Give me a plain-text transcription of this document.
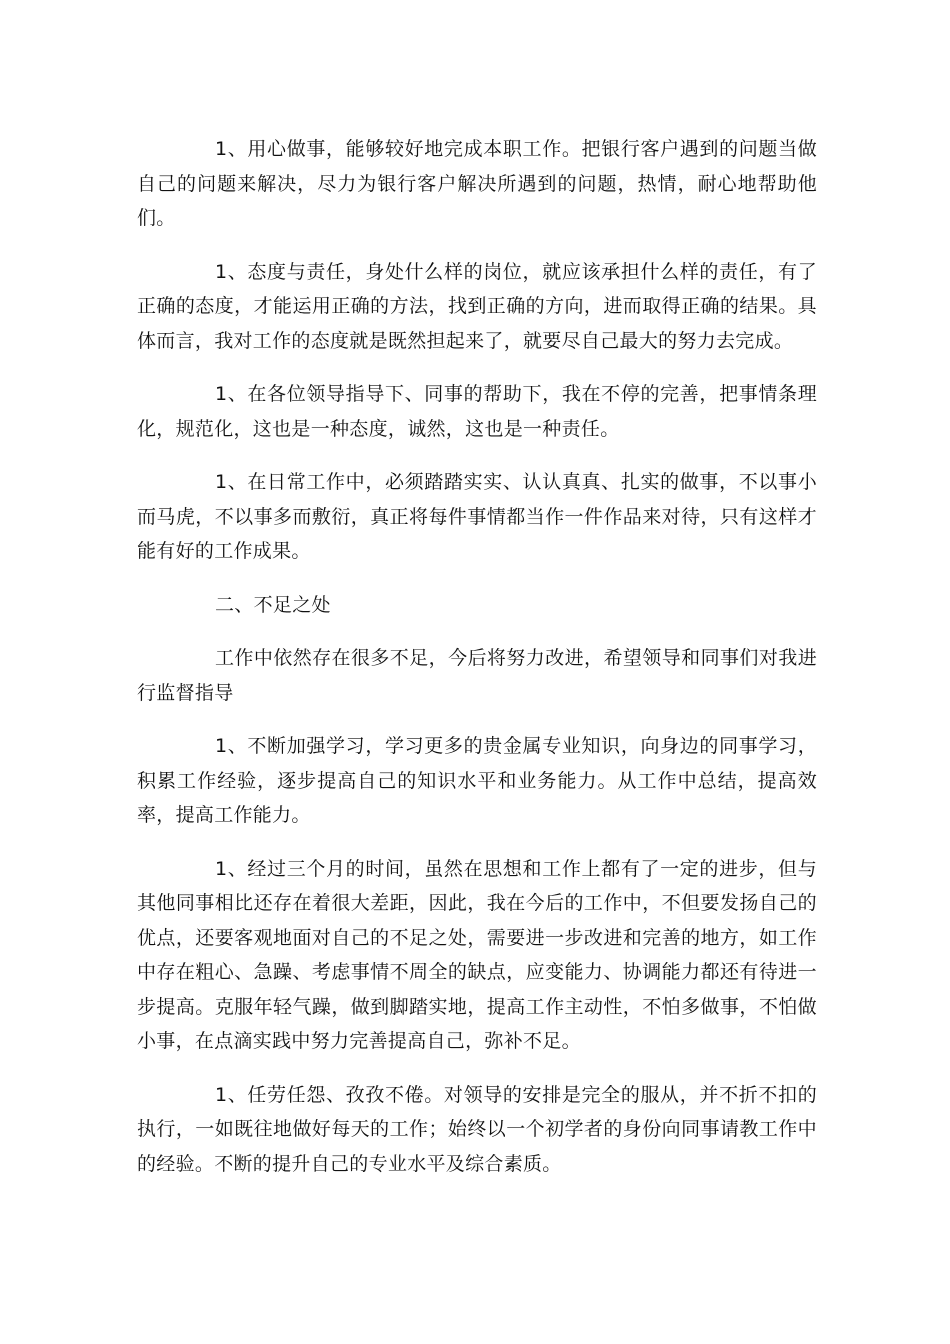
1、用心做事，能够较好地完成本职工作。把银行客户遇到的问题当做自己的问题来解决，尽力为银行客户解决所遇到的问题，热情，耐心地帮助他们。

1、态度与责任，身处什么样的岗位，就应该承担什么样的责任，有了正确的态度，才能运用正确的方法，找到正确的方向，进而取得正确的结果。具体而言，我对工作的态度就是既然担起来了，就要尽自己最大的努力去完成。

1、在各位领导指导下、同事的帮助下，我在不停的完善，把事情条理化，规范化，这也是一种态度，诚然，这也是一种责任。

1、在日常工作中，必须踏踏实实、认认真真、扎实的做事，不以事小而马虎，不以事多而敷衍，真正将每件事情都当作一件作品来对待，只有这样才能有好的工作成果。

二、不足之处

工作中依然存在很多不足，今后将努力改进，希望领导和同事们对我进行监督指导

1、不断加强学习，学习更多的贵金属专业知识，向身边的同事学习，积累工作经验，逐步提高自己的知识水平和业务能力。从工作中总结，提高效率，提高工作能力。

1、经过三个月的时间，虽然在思想和工作上都有了一定的进步，但与其他同事相比还存在着很大差距，因此，我在今后的工作中，不但要发扬自己的优点，还要客观地面对自己的不足之处，需要进一步改进和完善的地方，如工作中存在粗心、急躁、考虑事情不周全的缺点，应变能力、协调能力都还有待进一步提高。克服年轻气躁，做到脚踏实地，提高工作主动性，不怕多做事，不怕做小事，在点滴实践中努力完善提高自己，弥补不足。

1、任劳任怨、孜孜不倦。对领导的安排是完全的服从，并不折不扣的执行，一如既往地做好每天的工作；始终以一个初学者的身份向同事请教工作中的经验。不断的提升自己的专业水平及综合素质。
